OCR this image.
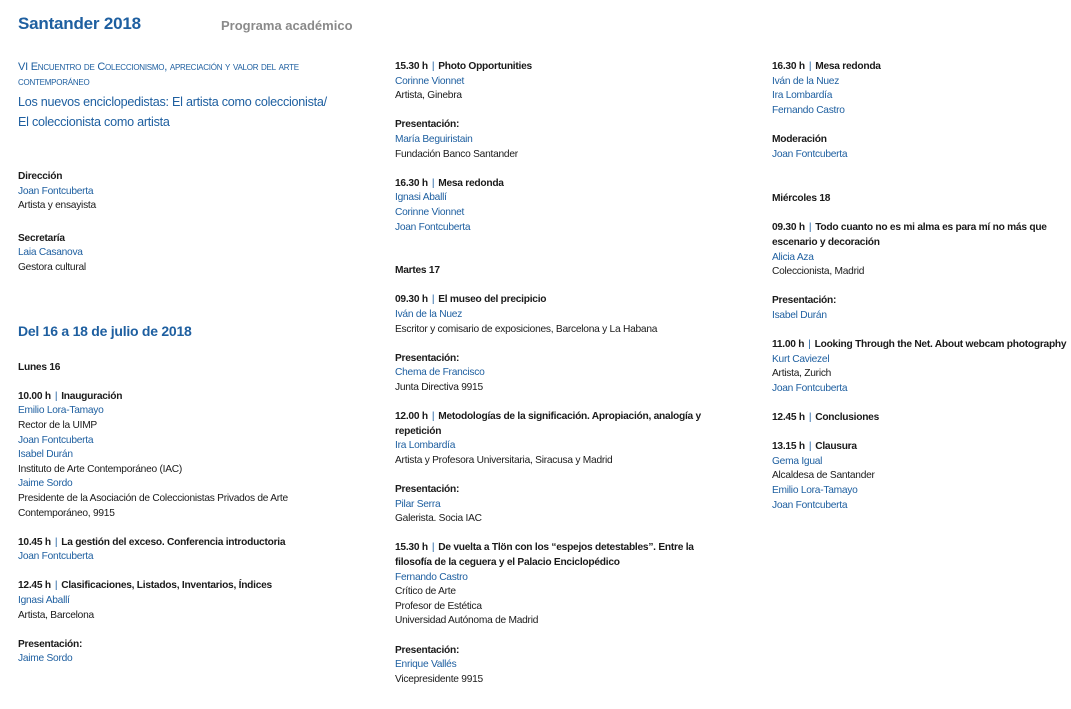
Santander 2018	Programa académico
VI Encuentro de Coleccionismo, apreciación y valor del arte
contemporáneo
Los nuevos enciclopedistas: El artista como coleccionista/
El coleccionista como artista
Dirección
Joan Fontcuberta
Artista y ensayista
Secretaría
Laia Casanova
Gestora cultural
Del 16 a 18 de julio de 2018
Lunes 16
10.00 h | Inauguración
Emilio Lora-Tamayo
Rector de la UIMP
Joan Fontcuberta
Isabel Durán
Instituto de Arte Contemporáneo (IAC)
Jaime Sordo
Presidente de la Asociación de Coleccionistas Privados de Arte
Contemporáneo, 9915
10.45 h | La gestión del exceso. Conferencia introductoria
Joan Fontcuberta
12.45 h | Clasificaciones, Listados, Inventarios, Índices
Ignasi Aballí
Artista, Barcelona
Presentación:
Jaime Sordo
15.30 h | Photo Opportunities
Corinne Vionnet
Artista, Ginebra
Presentación:
María Beguiristain
Fundación Banco Santander
16.30 h | Mesa redonda
Ignasi Aballí
Corinne Vionnet
Joan Fontcuberta
Martes 17
09.30 h | El museo del precipicio
Iván de la Nuez
Escritor y comisario de exposiciones, Barcelona y La Habana
Presentación:
Chema de Francisco
Junta Directiva 9915
12.00 h | Metodologías de la significación. Apropiación, analogía y
repetición
Ira Lombardía
Artista y Profesora Universitaria, Siracusa y Madrid
Presentación:
Pilar Serra
Galerista. Socia IAC
15.30 h | De vuelta a Tlön con los “espejos detestables”. Entre la
filosofía de la ceguera y el Palacio Enciclopédico
Fernando Castro
Crítico de Arte
Profesor de Estética
Universidad Autónoma de Madrid
Presentación:
Enrique Vallés
Vicepresidente 9915
16.30 h | Mesa redonda
Iván de la Nuez
Ira Lombardía
Fernando Castro
Moderación
Joan Fontcuberta
Miércoles 18
09.30 h | Todo cuanto no es mi alma es para mí no más que
escenario y decoración
Alicia Aza
Coleccionista, Madrid
Presentación:
Isabel Durán
11.00 h | Looking Through the Net. About webcam photography
Kurt Caviezel
Artista, Zurich
Joan Fontcuberta
12.45 h | Conclusiones
13.15 h | Clausura
Gema Igual
Alcaldesa de Santander
Emilio Lora-Tamayo
Joan Fontcuberta
